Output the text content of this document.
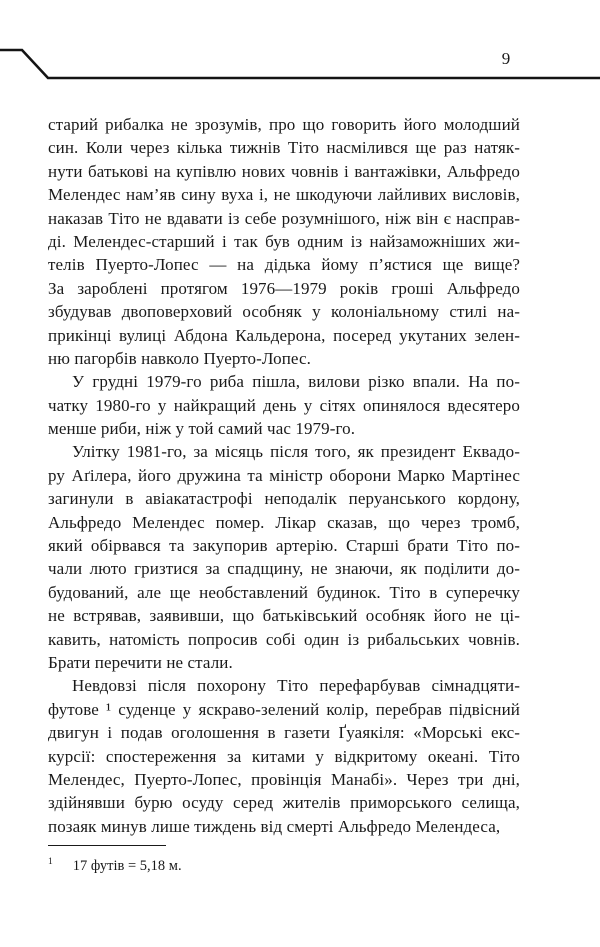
9
старий рибалка не зрозумів, про що говорить його молодший
син. Коли через кілька тижнів Тіто насмілився ще раз натяк-
нути батькові на купівлю нових човнів і вантажівки, Альфредо
Мелендес нам’яв сину вуха і, не шкодуючи лайливих висловів,
наказав Тіто не вдавати із себе розумнішого, ніж він є насправ-
ді. Мелендес-старший і так був одним із найзаможніших жи-
телів Пуерто-Лопес — на дідька йому п’ястися ще вище?
За зароблені протягом 1976—1979 років гроші Альфредо
збудував двоповерховий особняк у колоніальному стилі на-
прикінці вулиці Абдона Кальдерона, посеред укутаних зелен-
ню пагорбів навколо Пуерто-Лопес.
У грудні 1979-го риба пішла, вилови різко впали. На по-
чатку 1980-го у найкращий день у сітях опинялося вдесятеро
менше риби, ніж у той самий час 1979-го.
Улітку 1981-го, за місяць після того, як президент Еквадо-
ру Аґілера, його дружина та міністр оборони Марко Мартінес
загинули в авіакатастрофі неподалік перуанського кордону,
Альфредо Мелендес помер. Лікар сказав, що через тромб,
який обірвався та закупорив артерію. Старші брати Тіто по-
чали люто гризтися за спадщину, не знаючи, як поділити до-
будований, але ще необставлений будинок. Тіто в суперечку
не встрявав, заявивши, що батьківський особняк його не ці-
кавить, натомість попросив собі один із рибальських човнів.
Брати перечити не стали.
Невдовзі після похорону Тіто перефарбував сімнадцяти-
футове ¹ суденце у яскраво-зелений колір, перебрав підвісний
двигун і подав оголошення в газети Ґуаякіля: «Морські екс-
курсії: спостереження за китами у відкритому океані. Тіто
Мелендес, Пуерто-Лопес, провінція Манабі». Через три дні,
здійнявши бурю осуду серед жителів приморського селища,
позаяк минув лише тиждень від смерті Альфредо Мелендеса,
$^1$ 17 футів = 5,18 м.
